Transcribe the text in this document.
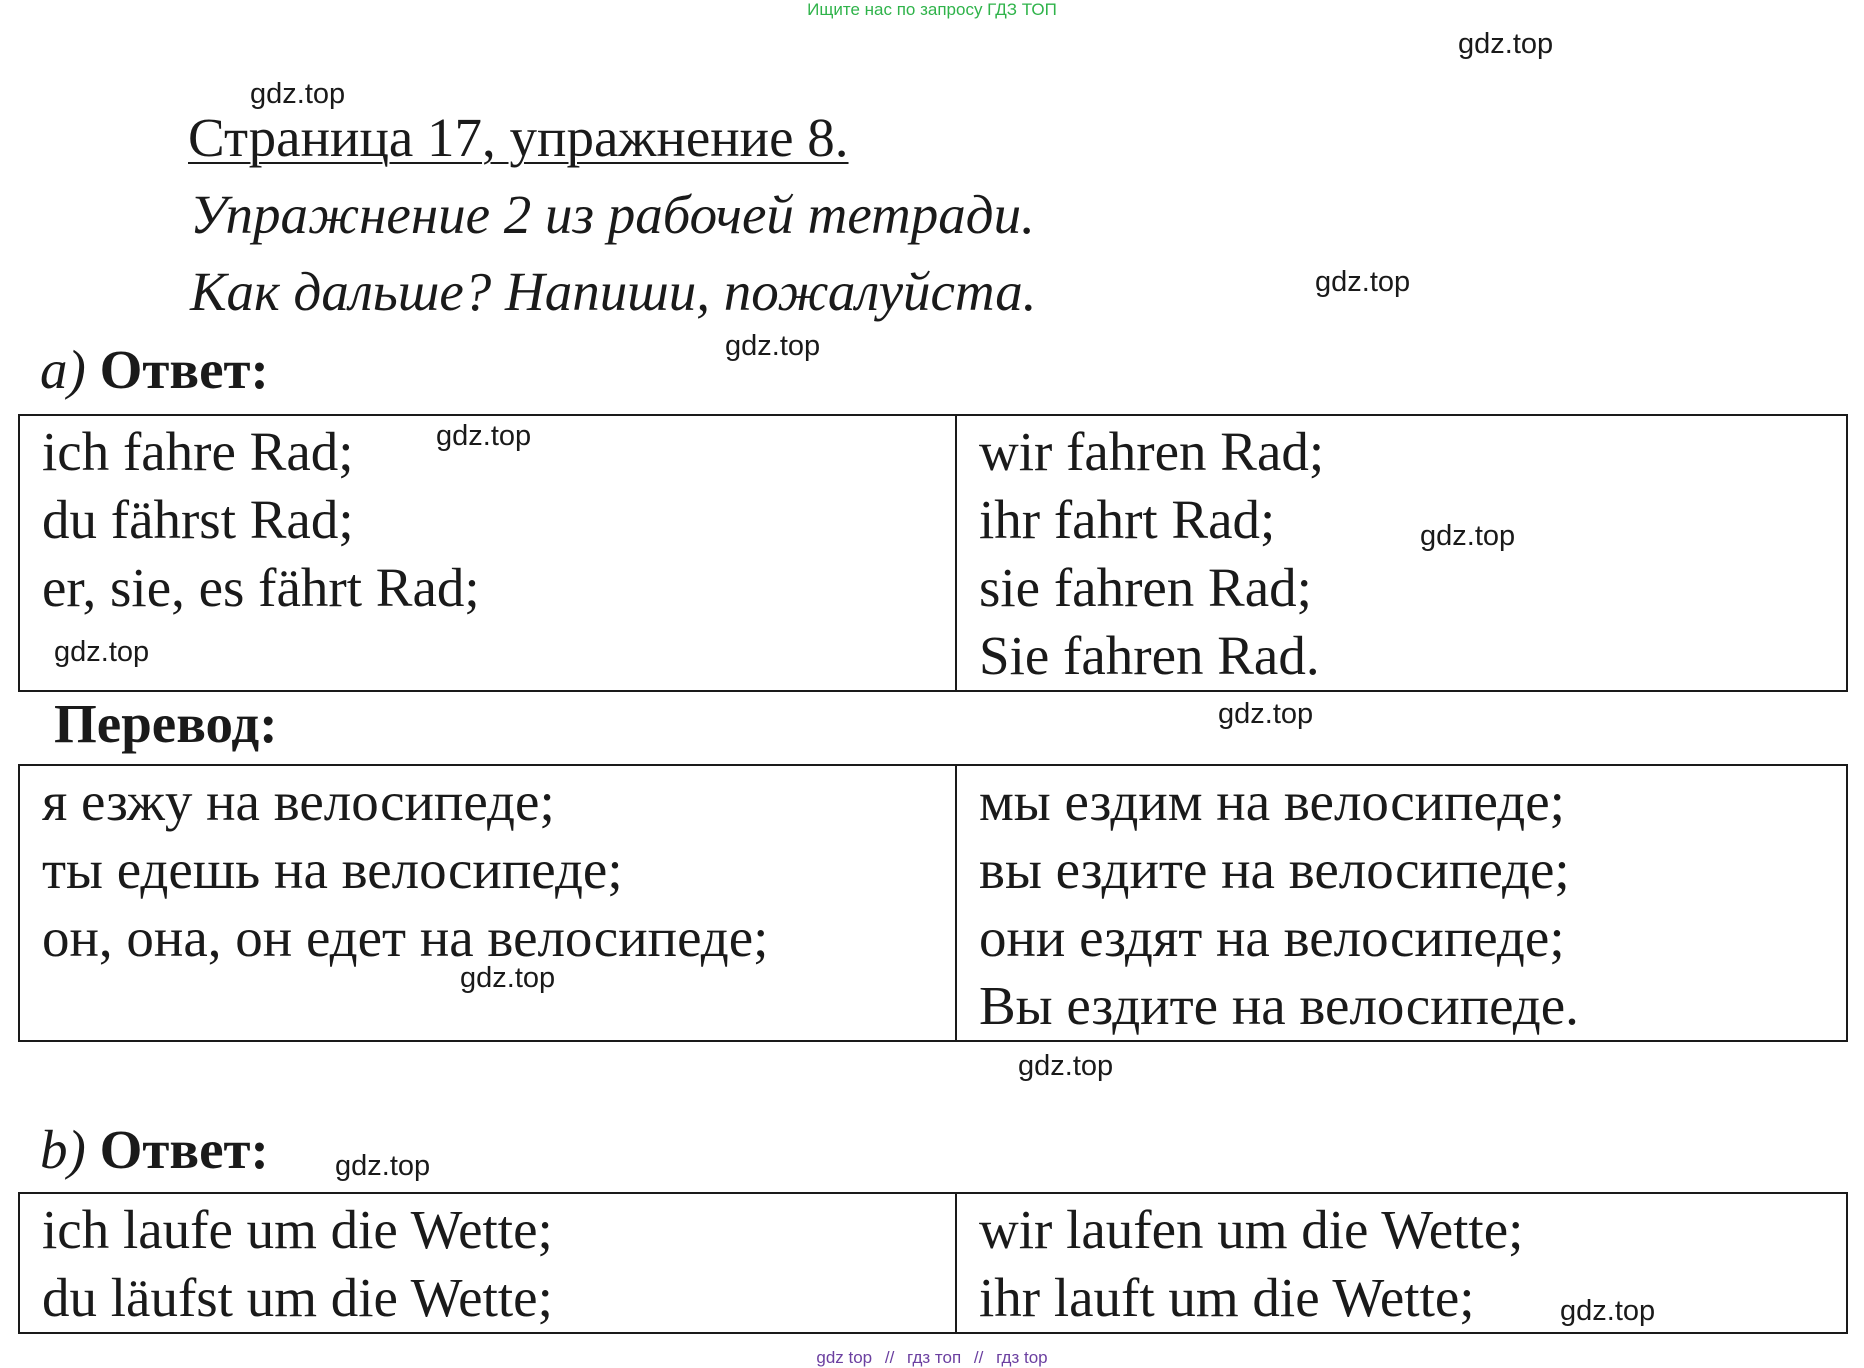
Ищите нас по запросу ГДЗ ТОП
gdz.top
gdz.top
gdz.top
gdz.top
gdz.top
gdz.top
gdz.top
gdz.top
gdz.top
gdz.top
gdz.top
gdz.top
Страница 17, упражнение 8.
Упражнение 2 из рабочей тетради.
Как дальше? Напиши, пожалуйста.
a) Ответ:
ich fahre Rad;
du fährst Rad;
er, sie, es fährt Rad;

wir fahren Rad;
ihr fahrt Rad;
sie fahren Rad;
Sie fahren Rad.
Перевод:
я езжу на велосипеде;
ты едешь на велосипеде;
он, она, он едет на велосипеде;

мы ездим на велосипеде;
вы ездите на велосипеде;
они ездят на велосипеде;
Вы ездите на велосипеде.
b) Ответ:
ich laufe um die Wette;
du läufst um die Wette;

wir laufen um die Wette;
ihr lauft um die Wette;
gdz top // гдз топ // гдз top
